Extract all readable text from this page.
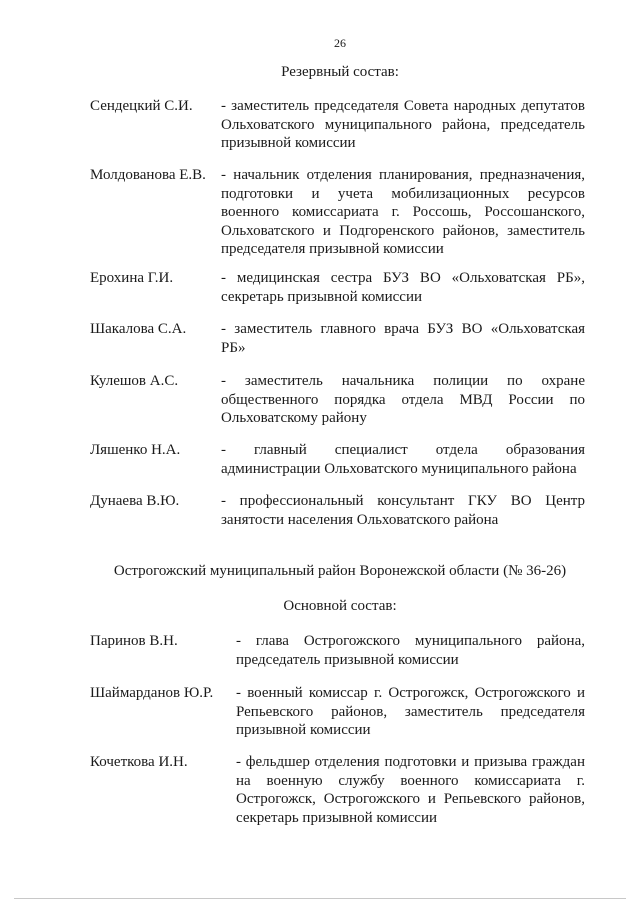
26
Резервный состав:
Сендецкий С.И. - заместитель председателя Совета народных депутатов Ольховатского муниципального района, председатель призывной комиссии
Молдованова Е.В. - начальник отделения планирования, предназначения, подготовки и учета мобилизационных ресурсов военного комиссариата г. Россошь, Россошанского, Ольховатского и Подгоренского районов, заместитель председателя призывной комиссии
Ерохина Г.И.	- медицинская сестра БУЗ ВО «Ольховатская РБ», секретарь призывной комиссии
Шакалова С.А. - заместитель главного врача БУЗ ВО «Ольховатская РБ»
Кулешов А.С.	- заместитель начальника полиции по охране общественного порядка отдела МВД России по Ольховатскому району
Ляшенко Н.А.	- главный специалист отдела образования администрации Ольховатского муниципального района
Дунаева В.Ю.	- профессиональный консультант ГКУ ВО Центр занятости населения Ольховатского района
Острогожский муниципальный район Воронежской области (№ 36-26)
Основной состав:
Паринов В.Н.	- глава Острогожского муниципального района, председатель призывной комиссии
Шаймарданов Ю.Р. - военный комиссар г. Острогожск, Острогожского и Репьевского районов, заместитель председателя призывной комиссии
Кочеткова И.Н.	- фельдшер отделения подготовки и призыва граждан на военную службу военного комиссариата г. Острогожск, Острогожского и Репьевского районов, секретарь призывной комиссии
